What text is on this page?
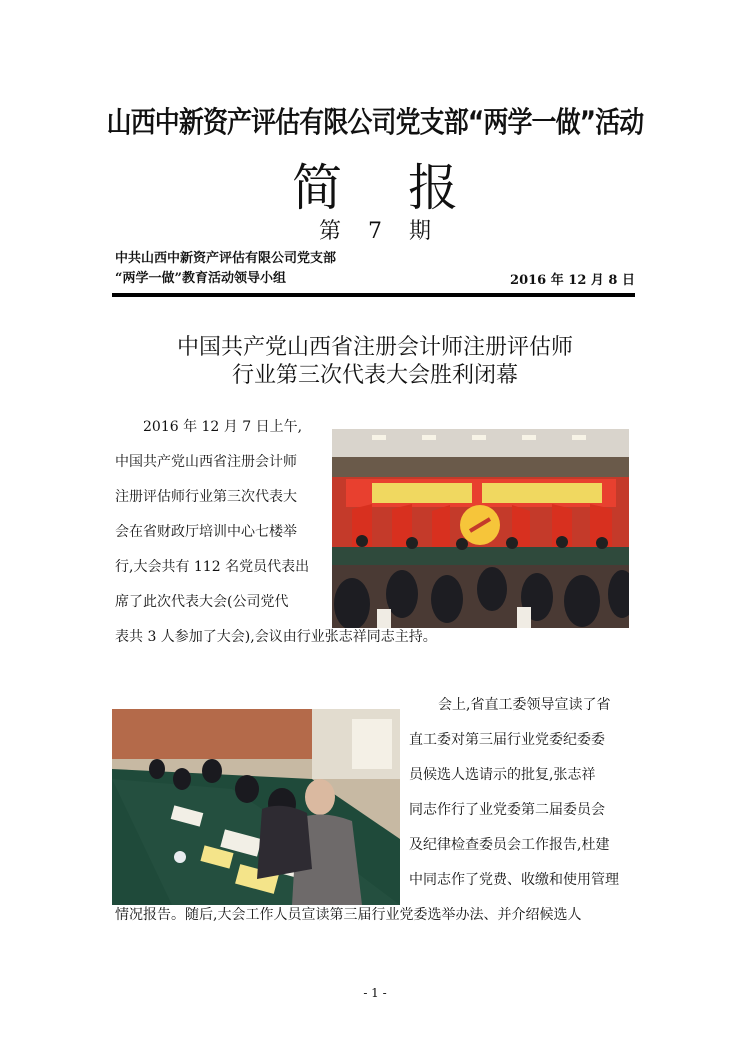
山西中新资产评估有限公司党支部“两学一做”活动
简报
第 7 期
中共山西中新资产评估有限公司党支部
“两学一做”教育活动领导小组	2016 年 12 月 8 日
中国共产党山西省注册会计师注册评估师
行业第三次代表大会胜利闭幕
2016 年 12 月 7 日上午,
中国共产党山西省注册会计师
注册评估师行业第三次代表大
会在省财政厅培训中心七楼举
行,大会共有 112 名党员代表出
席了此次代表大会(公司党代
表共 3 人参加了大会),会议由行业张志祥同志主持。
会上,省直工委领导宣读了省
直工委对第三届行业党委纪委委
员候选人选请示的批复,张志祥
同志作行了业党委第二届委员会
及纪律检查委员会工作报告,杜建
中同志作了党费、收缴和使用管理
情况报告。随后,大会工作人员宣读第三届行业党委选举办法、并介绍候选人
- 1 -
